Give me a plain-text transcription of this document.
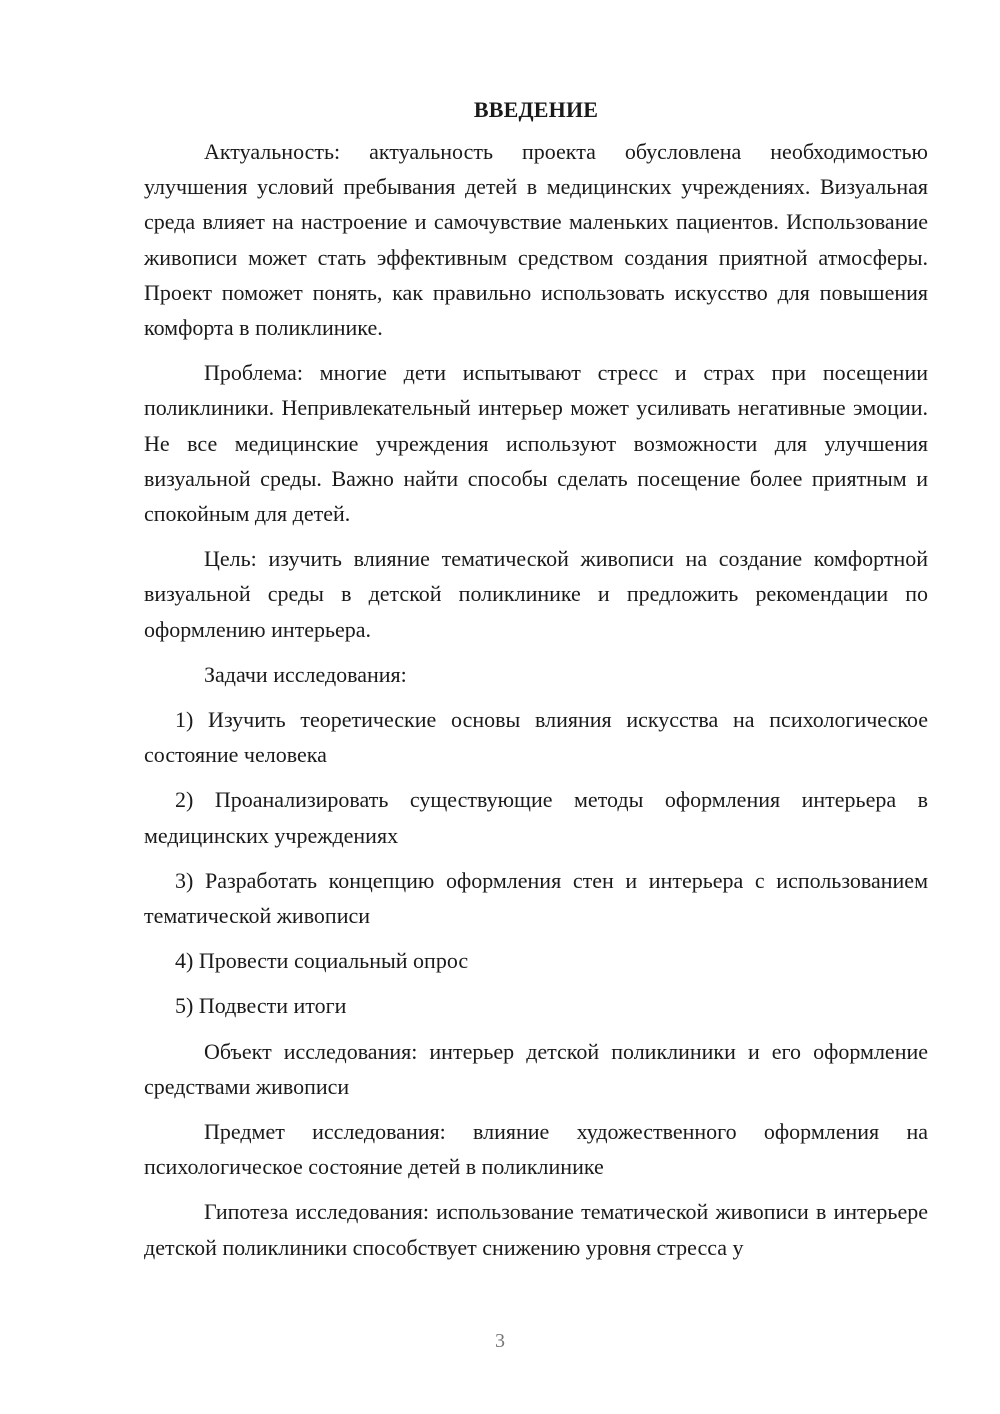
ВВЕДЕНИЕ

Актуальность: актуальность проекта обусловлена необходимостью улучшения условий пребывания детей в медицинских учреждениях. Визуальная среда влияет на настроение и самочувствие маленьких пациентов. Использование живописи может стать эффективным средством создания приятной атмосферы. Проект поможет понять, как правильно использовать искусство для повышения комфорта в поликлинике.

Проблема: многие дети испытывают стресс и страх при посещении поликлиники. Непривлекательный интерьер может усиливать негативные эмоции. Не все медицинские учреждения используют возможности для улучшения визуальной среды. Важно найти способы сделать посещение более приятным и спокойным для детей.

Цель: изучить влияние тематической живописи на создание комфортной визуальной среды в детской поликлинике и предложить рекомендации по оформлению интерьера.

Задачи исследования:

1) Изучить теоретические основы влияния искусства на психологическое состояние человека

2) Проанализировать существующие методы оформления интерьера в медицинских учреждениях

3) Разработать концепцию оформления стен и интерьера с использованием тематической живописи

4) Провести социальный опрос

5) Подвести итоги

Объект исследования: интерьер детской поликлиники и его оформление средствами живописи

Предмет исследования: влияние художественного оформления на психологическое состояние детей в поликлинике

Гипотеза исследования: использование тематической живописи в интерьере детской поликлиники способствует снижению уровня стресса у

3
